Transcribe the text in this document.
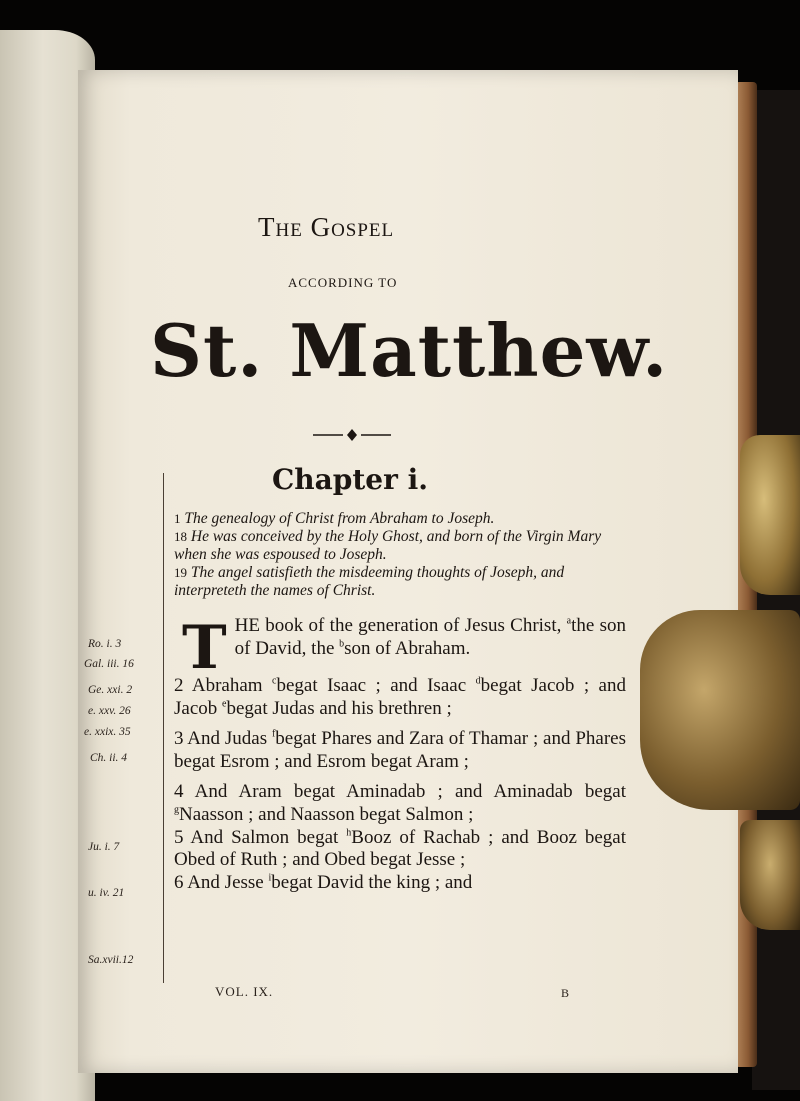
The Gospel
ACCORDING TO
St. Matthew.
Chapter i.

1 The genealogy of Christ from Abraham to Joseph.

18 He was conceived by the Holy Ghost, and born of the Virgin Mary when she was espoused to Joseph.

19 The angel satisfieth the misdeeming thoughts of Joseph, and interpreteth the names of Christ.

Ro. i. 3
Gal. iii. 16
Ge. xxi. 2
e. xxv. 26
e. xxix. 35
Ch. ii. 4
Ju. i. 7
u. iv. 21
Sa.xvii.12

THE book of the generation of Jesus Christ, $^a$the son of David, the $^b$son of Abraham.

2 Abraham $^c$begat Isaac ; and Isaac $^d$begat Jacob ; and Jacob $^e$begat Judas and his brethren ;

3 And Judas $^f$begat Phares and Zara of Thamar ; and Phares begat Esrom ; and Esrom begat Aram ;

4 And Aram begat Aminadab ; and Aminadab begat $^g$Naasson ; and Naasson begat Salmon ;

5 And Salmon begat $^h$Booz of Rachab ; and Booz begat Obed of Ruth ; and Obed begat Jesse ;

6 And Jesse $^i$begat David the king ; and

VOL. IX.	B
